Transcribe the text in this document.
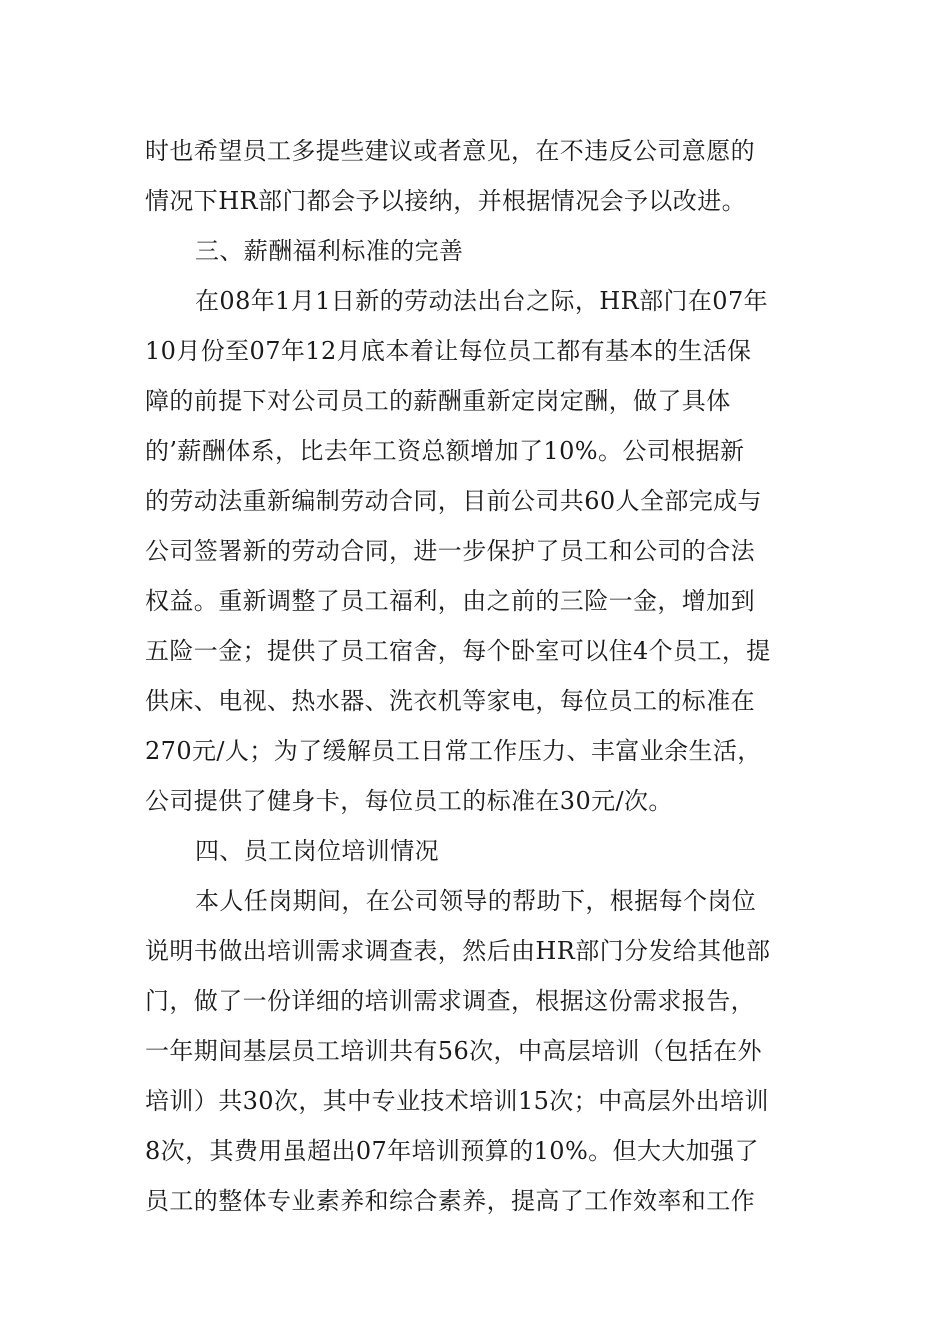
时也希望员工多提些建议或者意见，在不违反公司意愿的
情况下HR部门都会予以接纳，并根据情况会予以改进。
三、薪酬福利标准的完善
在08年1月1日新的劳动法出台之际，HR部门在07年
10月份至07年12月底本着让每位员工都有基本的生活保
障的前提下对公司员工的薪酬重新定岗定酬，做了具体
的’薪酬体系，比去年工资总额增加了10%。公司根据新
的劳动法重新编制劳动合同，目前公司共60人全部完成与
公司签署新的劳动合同，进一步保护了员工和公司的合法
权益。重新调整了员工福利，由之前的三险一金，增加到
五险一金；提供了员工宿舍，每个卧室可以住4个员工，提
供床、电视、热水器、洗衣机等家电，每位员工的标准在
270元/人；为了缓解员工日常工作压力、丰富业余生活，
公司提供了健身卡，每位员工的标准在30元/次。
四、员工岗位培训情况
本人任岗期间，在公司领导的帮助下，根据每个岗位
说明书做出培训需求调查表，然后由HR部门分发给其他部
门，做了一份详细的培训需求调查，根据这份需求报告，
一年期间基层员工培训共有56次，中高层培训（包括在外
培训）共30次，其中专业技术培训15次；中高层外出培训
8次，其费用虽超出07年培训预算的10%。但大大加强了
员工的整体专业素养和综合素养，提高了工作效率和工作
